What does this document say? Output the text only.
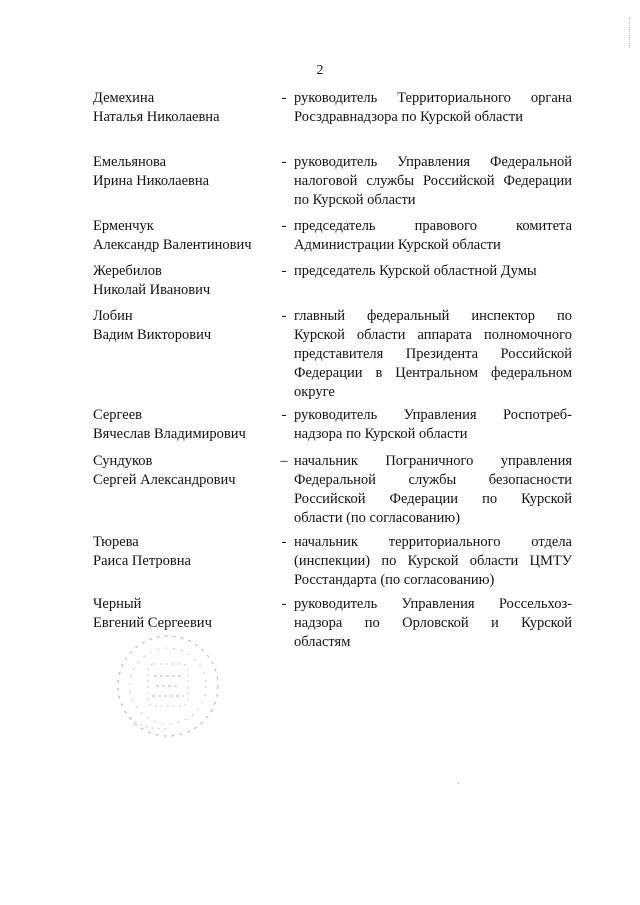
2
Демехина
Наталья Николаевна
- руководитель Территориального органа
Росздравнадзора по Курской области
Емельянова
Ирина Николаевна
- руководитель Управления Федеральной
налоговой службы Российской Федерации
по Курской области
Ерменчук
Александр Валентинович
- председатель правового комитета
Администрации Курской области
Жеребилов
Николай Иванович
- председатель Курской областной Думы
Лобин
Вадим Викторович
- главный федеральный инспектор по
Курской области аппарата полномочного
представителя Президента Российской
Федерации в Центральном федеральном
округе
Сергеев
Вячеслав Владимирович
- руководитель Управления Роспотреб-
надзора по Курской области
Сундуков
Сергей Александрович
– начальник Пограничного управления
Федеральной службы безопасности
Российской Федерации по Курской
области (по согласованию)
Тюрева
Раиса Петровна
- начальник территориального отдела
(инспекции) по Курской области ЦМТУ
Росстандарта (по согласованию)
Черный
Евгений Сергеевич
- руководитель Управления Россельхоз-
надзора по Орловской и Курской
областям
